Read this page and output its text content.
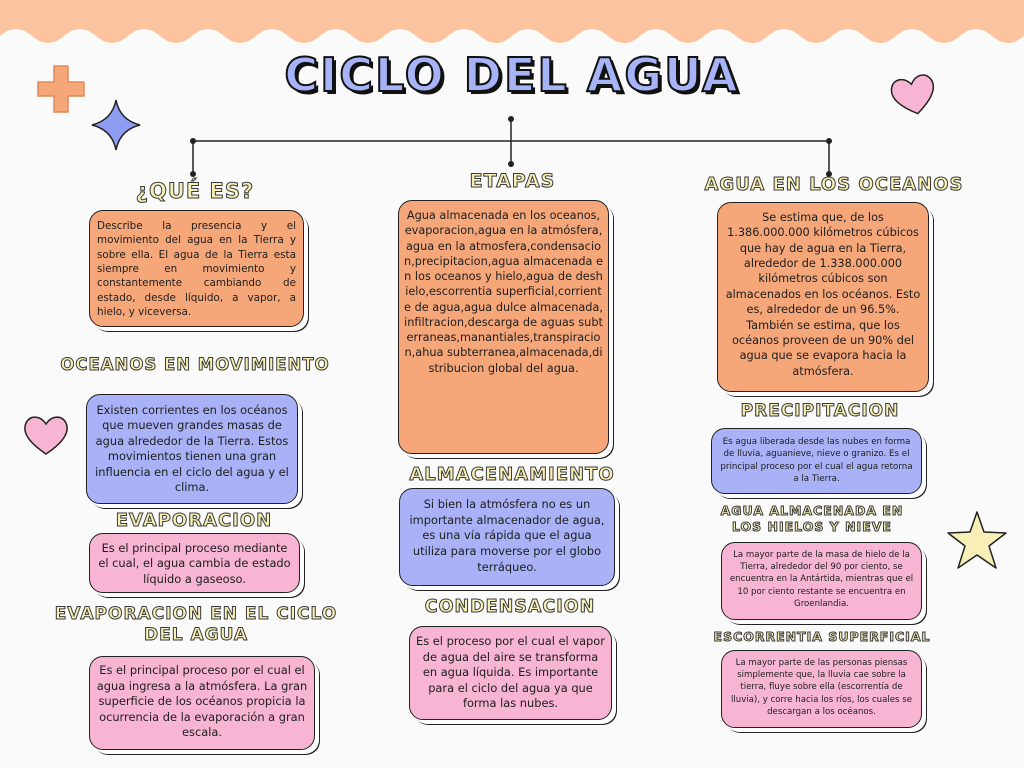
CICLO DEL AGUA
¿QUÉ ES?

Describe la presencia y el movimiento del agua en la Tierra y sobre ella. El agua de la Tierra esta siempre en movimiento y constantemente cambiando de estado, desde líquido, a vapor, a hielo, y viceversa.

OCEANOS EN MOVIMIENTO

Existen corrientes en los océanos que mueven grandes masas de agua alrededor de la Tierra. Estos movimientos tienen una gran influencia en el ciclo del agua y el clima.

EVAPORACION

Es el principal proceso mediante el cual, el agua cambia de estado líquido a gaseoso.

EVAPORACION EN EL CICLO
DEL AGUA

Es el principal proceso por el cual el agua ingresa a la atmósfera. La gran superficie de los océanos propicia la ocurrencia de la evaporación a gran escala.

ETAPAS

Agua almacenada en los oceanos,evaporacion,agua en la atmósfera,agua en la atmosfera,condensacion,precipitacion,agua almacenada en los oceanos y hielo,agua de deshielo,escorrentia superficial,corriente de agua,agua dulce almacenada,infiltracion,descarga de aguas subterraneas,manantiales,transpiracion,ahua subterranea,almacenada,distribucion global del agua.

ALMACENAMIENTO

Si bien la atmósfera no es un importante almacenador de agua, es una vía rápida que el agua utiliza para moverse por el globo terráqueo.

CONDENSACION

Es el proceso por el cual el vapor de agua del aire se transforma en agua líquida. Es importante para el ciclo del agua ya que forma las nubes.

AGUA EN LOS OCEANOS

Se estima que, de los 1.386.000.000 kilómetros cúbicos que hay de agua en la Tierra, alrededor de 1.338.000.000 kilómetros cúbicos son almacenados en los océanos. Esto es, alrededor de un 96.5%. También se estima, que los océanos proveen de un 90% del agua que se evapora hacia la atmósfera.

PRECIPITACION

Es agua liberada desde las nubes en forma de lluvia, aguanieve, nieve o granizo. Es el principal proceso por el cual el agua retorna a la Tierra.

AGUA ALMACENADA EN
LOS HIELOS Y NIEVE

La mayor parte de la masa de hielo de la Tierra, alrededor del 90 por ciento, se encuentra en la Antártida, mientras que el 10 por ciento restante se encuentra en Groenlandia.

ESCORRENTIA SUPERFICIAL

La mayor parte de las personas piensas simplemente que, la lluvia cae sobre la tierra, fluye sobre ella (escorrentía de lluvia), y corre hacia los ríos, los cuales se descargan a los océanos.
